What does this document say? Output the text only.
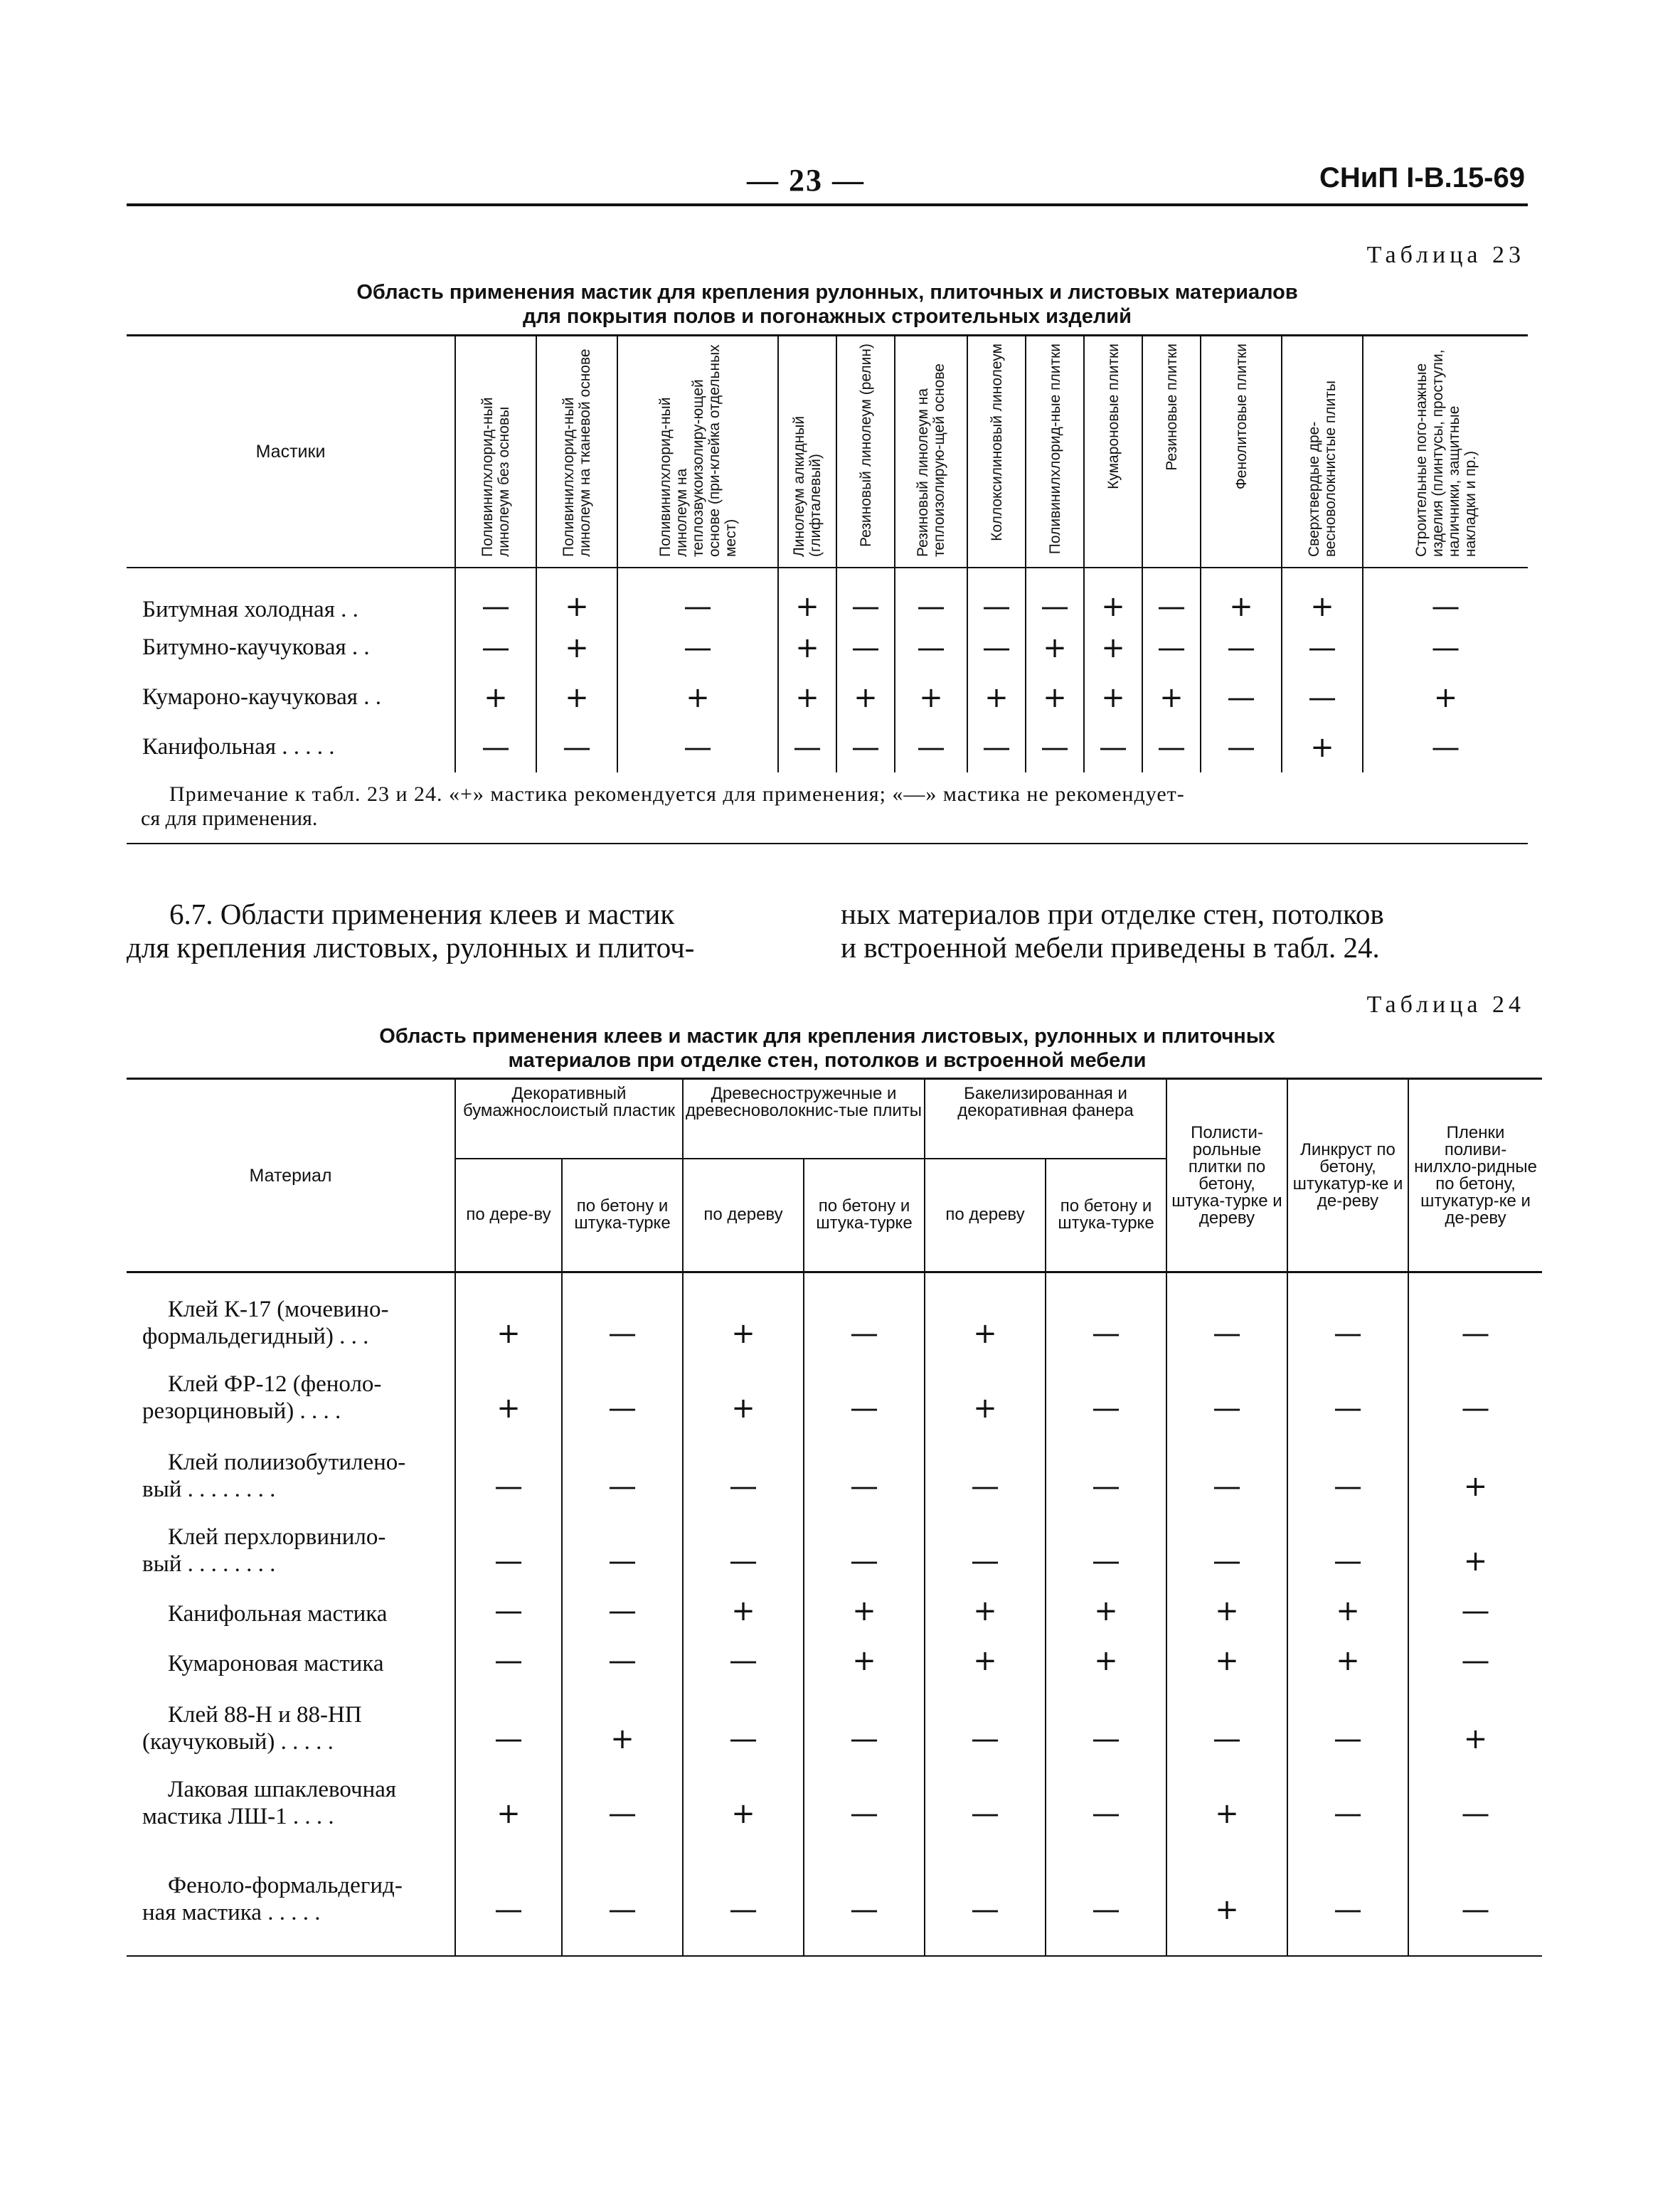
— 23 —	СНиП I-B.15-69
Таблица 23
Область применения мастик для крепления рулонных, плиточных и листовых материалов
для покрытия полов и погонажных строительных изделий
Мастики	Поливинилхлорид-ный линолеум без основы	Поливинилхлорид-ный линолеум на тканевой основе	Поливинилхлорид-ный линолеум на теплозвукоизолиру-ющей основе (при-клейка отдельных мест)	Линолеум алкидный (глифталевый)	Резиновый линолеум (релин)	Резиновый линолеум на теплоизолирую-щей основе	Коллоксилиновый линолеум	Поливинилхлорид-ные плитки	Кумароновые плитки	Резиновые плитки	Фенолитовые плитки	Сверхтвердые дре-весноволокнистые плиты	Строительные пого-нажные изделия (плинтусы, простули, наличники, защитные накладки и пр.)

Битумная холодная . .	—	+	—	+	—	—	—	—	+	—	+	+	—
Битумно-каучуковая . .	—	+	—	+	—	—	—	+	+	—	—	—	—
Кумароно-каучуковая . .	+	+	+	+	+	+	+	+	+	+	—	—	+
Канифольная . . . . .	—	—	—	—	—	—	—	—	—	—	—	+	—

Примечание к табл. 23 и 24. «+» мастика рекомендуется для применения; «—» мастика не рекомендует-
ся для применения.													
6.7. Области применения клеев и мастик
для крепления листовых, рулонных и плиточ-
ных материалов при отделке стен, потолков
и встроенной мебели приведены в табл. 24.
Таблица 24
Область применения клеев и мастик для крепления листовых, рулонных и плиточных
материалов при отделке стен, потолков и встроенной мебели
Материал	Декоративный бумажнослоистый пластик		Древесностружечные и древесноволокнис-тые плиты		Бакелизированная и декоративная фанера		Полисти-рольные плитки по бетону, штука-турке и дереву	Линкруст по бетону, штукатур-ке и де-реву	Пленки поливи-нилхло-ридные по бетону, штукатур-ке и де-реву
	по дере-ву	по бетону и штука-турке	по дереву	по бетону и штука-турке	по дереву	по бетону и штука-турке			

Клей К-17 (мочевино-
формальдегидный) . . .	+	—	+	—	+	—	—	—	—

Клей ФР-12 (феноло-
резорциновый) . . . .	+	—	+	—	+	—	—	—	—

Клей полиизобутилено-
вый . . . . . . . .	—	—	—	—	—	—	—	—	+

Клей перхлорвинило-
вый . . . . . . . .	—	—	—	—	—	—	—	—	+

Канифольная мастика	—	—	+	+	+	+	+	+	—

Кумароновая мастика	—	—	—	+	+	+	+	+	—

Клей 88-Н и 88-НП
(каучуковый) . . . . .	—	+	—	—	—	—	—	—	+

Лаковая шпаклевочная
мастика ЛШ-1 . . . .	+	—	+	—	—	—	+	—	—

Феноло-формальдегид-
ная мастика . . . . .	—	—	—	—	—	—	+	—	—
